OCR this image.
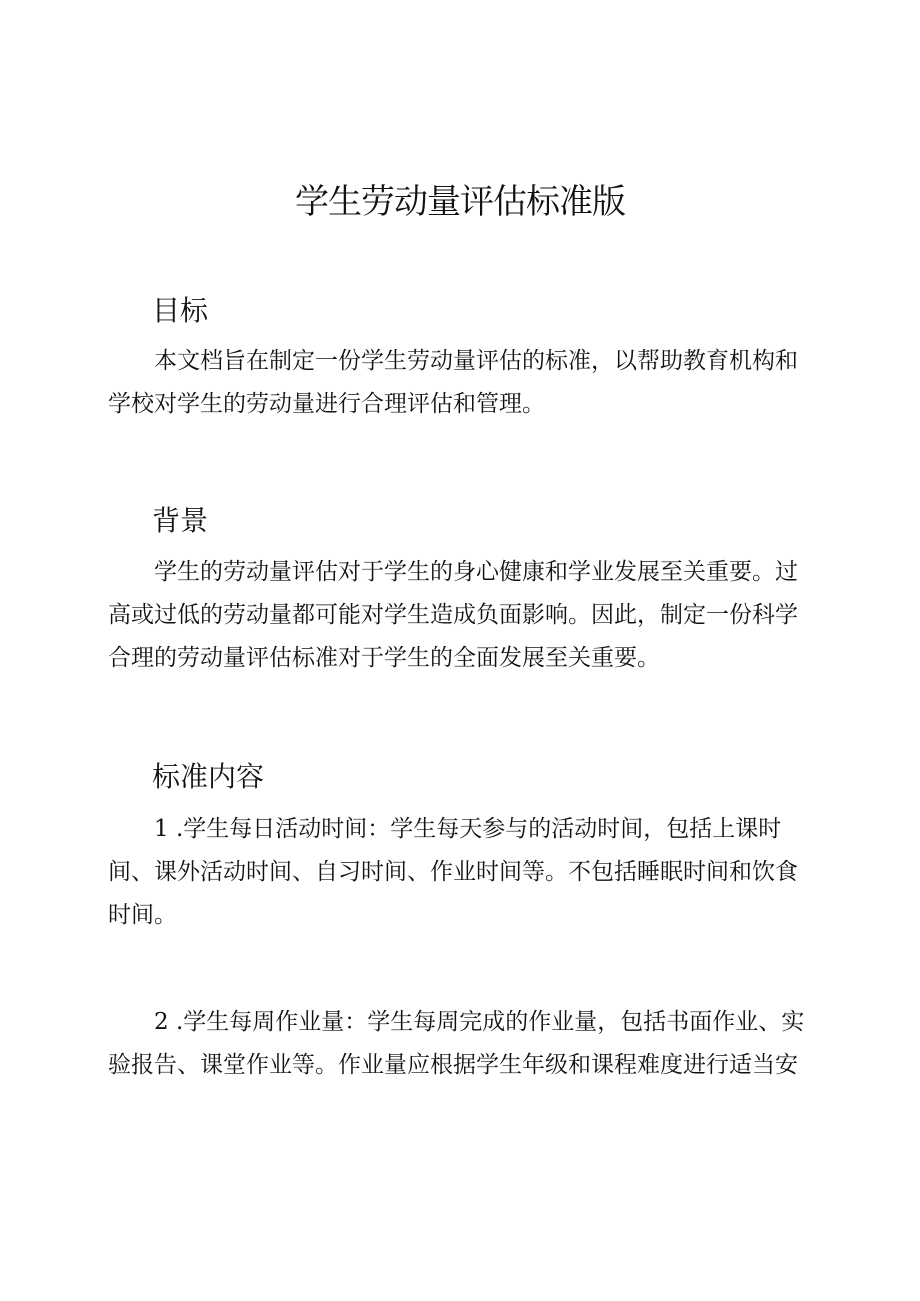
学生劳动量评估标准版
目标
本文档旨在制定一份学生劳动量评估的标准，以帮助教育机构和
学校对学生的劳动量进行合理评估和管理。
背景
学生的劳动量评估对于学生的身心健康和学业发展至关重要。过
高或过低的劳动量都可能对学生造成负面影响。因此，制定一份科学
合理的劳动量评估标准对于学生的全面发展至关重要。
标准内容
1 .学生每日活动时间：学生每天参与的活动时间，包括上课时
间、课外活动时间、自习时间、作业时间等。不包括睡眠时间和饮食
时间。
2 .学生每周作业量：学生每周完成的作业量，包括书面作业、实
验报告、课堂作业等。作业量应根据学生年级和课程难度进行适当安
